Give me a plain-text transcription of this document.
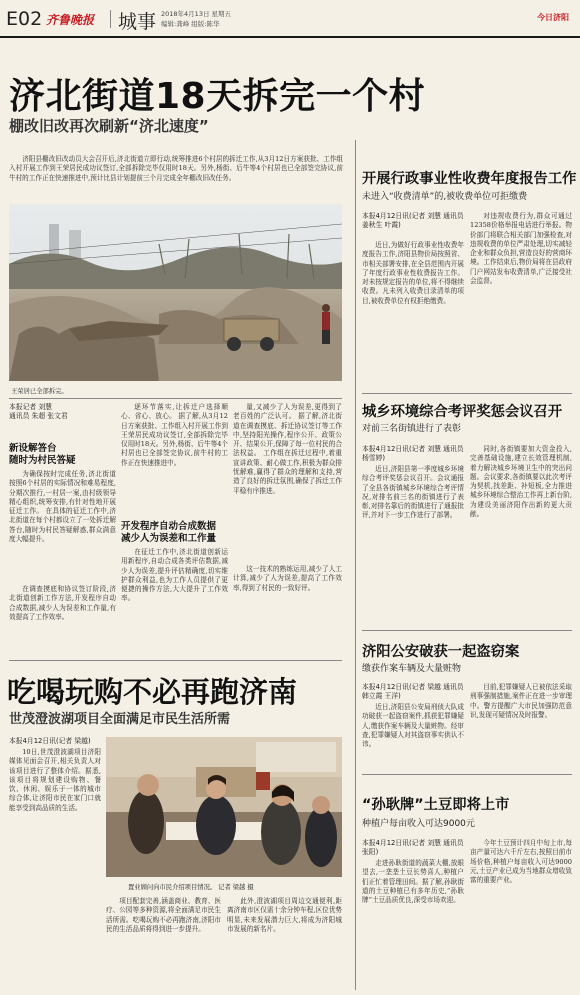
E02 齐鲁晚报 城事 2018年4月13日 星期五
编辑:龚峰 组版:陈华
今日济阳
济北街道18天拆完一个村
棚改旧改再次刷新“济北速度”

济阳县棚改旧改动员大会召开后,济北街道立即行动,统筹推进6个村居的拆迁工作,从3月12日方案获批、工作组入村开展工作到王荣居民成功议签订,全部拆除完毕仅用时18天。另外,杨街、后牛等4个村居也已全部签完协议,前牛村的工作正在快速推进中,预计比县计划提前三个月完成全年棚改旧改任务。

王荣居已全部拆完。
本报记者 刘慧
通讯员 朱超 张文君
新设解答台
随时为村民答疑

为确保按时完成任务,济北街道按照6个村居的实际情况和难易程度,分期次推行,一村居一案,由村级领导精心组织,统筹安排,有针对性地开展征迁工作。 在具体的征迁工作中,济北街道在每个村都设立了一处拆迁解答台,随时为村民答疑解惑,群众满意度大幅提升。

在调查摸底和协议签订阶段,济北街道创新工作方法,开发程序自动合成数据,减少人为误差和工作量,有效提高了工作效率。

逐环节落实,让拆迁户选择顺心、省心、放心。 据了解,从3月12日方案获批、工作组入村开展工作到王荣居民成功议签订,全部拆除完毕仅用时18天。另外,杨街、后牛等4个村居也已全部签完协议,前牛村的工作正在快速推进中。

开发程序自动合成数据
减少人为误差和工作量

在征迁工作中,济北街道创新运用新程序,自动合成各类评估数据,减少人为误差,提升评估精确度,切实维护群众利益,也为工作人员提供了更便捷的操作方法,大大提升了工作效率。

量,又减少了人为误差,更得到了老百姓的广泛认可。 据了解,济北街道在调查摸底、拆迁协议签订等工作中,坚持阳光操作,程序公开、政策公开、结果公开,保障了每一位村民的合法权益。 工作组在拆迁过程中,着重宣讲政策、耐心做工作,积极为群众排忧解难,赢得了群众的理解和支持,营造了良好的拆迁氛围,确保了拆迁工作平稳有序推进。

这一技术的熟练运用,减少了人工计算,减少了人为误差,提高了工作效率,得到了村民的一致好评。

吃喝玩购不必再跑济南
世茂澄波湖项目全面满足市民生活所需
本报4月12日讯(记者 梁越)

10日,世茂澄波湖项目济阳媒体见面会召开,相关负责人对该项目进行了整体介绍。据悉,该项目将规划建设购物、餐饮、休闲、娱乐于一体的城市综合体,让济阳市民在家门口就能享受到高品质的生活。

置业顾问向市民介绍项目情况。 记者 梁越 摄

项目配套完善,涵盖商业、教育、医疗、公园等多种资源,将全面满足市民生活所需。吃喝玩购不必再跑济南,济阳市民的生活品质将得到进一步提升。

此外,澄波湖项目周边交通便利,距离济南市区仅需十余分钟车程,区位优势明显,未来发展潜力巨大,将成为济阳城市发展的新名片。

开展行政事业性收费年度报告工作
未进入“收费清单”的,被收费单位可拒缴费
本报4月12日讯(记者 刘慧 通讯员 姜秋生 叶霞)

近日,为做好行政事业性收费年度报告工作,济阳县物价局按照省、市相关部署安排,在全县范围内开展了年度行政事业性收费报告工作。对未按规定报告的单位,将不得继续收费。凡未列入收费目录清单的项目,被收费单位有权拒绝缴费。

对违规收费行为,群众可通过12358价格举报电话进行举报。物价部门将联合相关部门加强检查,对违规收费的单位严肃处理,切实减轻企业和群众负担,营造良好的营商环境。工作结束后,物价局将在县政府门户网站发布收费清单,广泛接受社会监督。

城乡环境综合考评奖惩会议召开
对前三名街镇进行了表彰
本报4月12日讯(记者 刘慧 通讯员 杨雪婷)

近日,济阳县第一季度城乡环境综合考评奖惩会议召开。会议通报了全县各街镇城乡环境综合考评情况,对排名前三名的街镇进行了表彰,对排名靠后的街镇进行了通报批评,并对下一步工作进行了部署。

同时,各街镇要加大资金投入,完善基础设施,建立长效管理机制,着力解决城乡环境卫生中的突出问题。会议要求,各街镇要以此次考评为契机,找差距、补短板,全力推进城乡环境综合整治工作再上新台阶,为建设美丽济阳作出新的更大贡献。

济阳公安破获一起盗窃案
缴获作案车辆及大量赃物
本报4月12日讯(记者 梁越 通讯员 韩立霞 王洋)

近日,济阳县公安局刑侦大队成功破获一起盗窃案件,抓获犯罪嫌疑人,缴获作案车辆及大量赃物。经审查,犯罪嫌疑人对其盗窃事实供认不讳。

目前,犯罪嫌疑人已被依法采取刑事强制措施,案件正在进一步审理中。警方提醒广大市民加强防范意识,发现可疑情况及时报警。

“孙耿牌”土豆即将上市
种植户每亩收入可达9000元
本报4月12日讯(记者 刘慧 通讯员 张阳)

走进孙耿街道的蔬菜大棚,放眼望去,一垄垄土豆长势喜人,种植户们正忙着管理田间。据了解,孙耿街道的土豆种植已有多年历史,“孙耿牌”土豆品质优良,深受市场欢迎。

今年土豆预计四月中旬上市,每亩产量可达六千斤左右,按照目前市场价格,种植户每亩收入可达9000元,土豆产业已成为当地群众增收致富的重要产业。
